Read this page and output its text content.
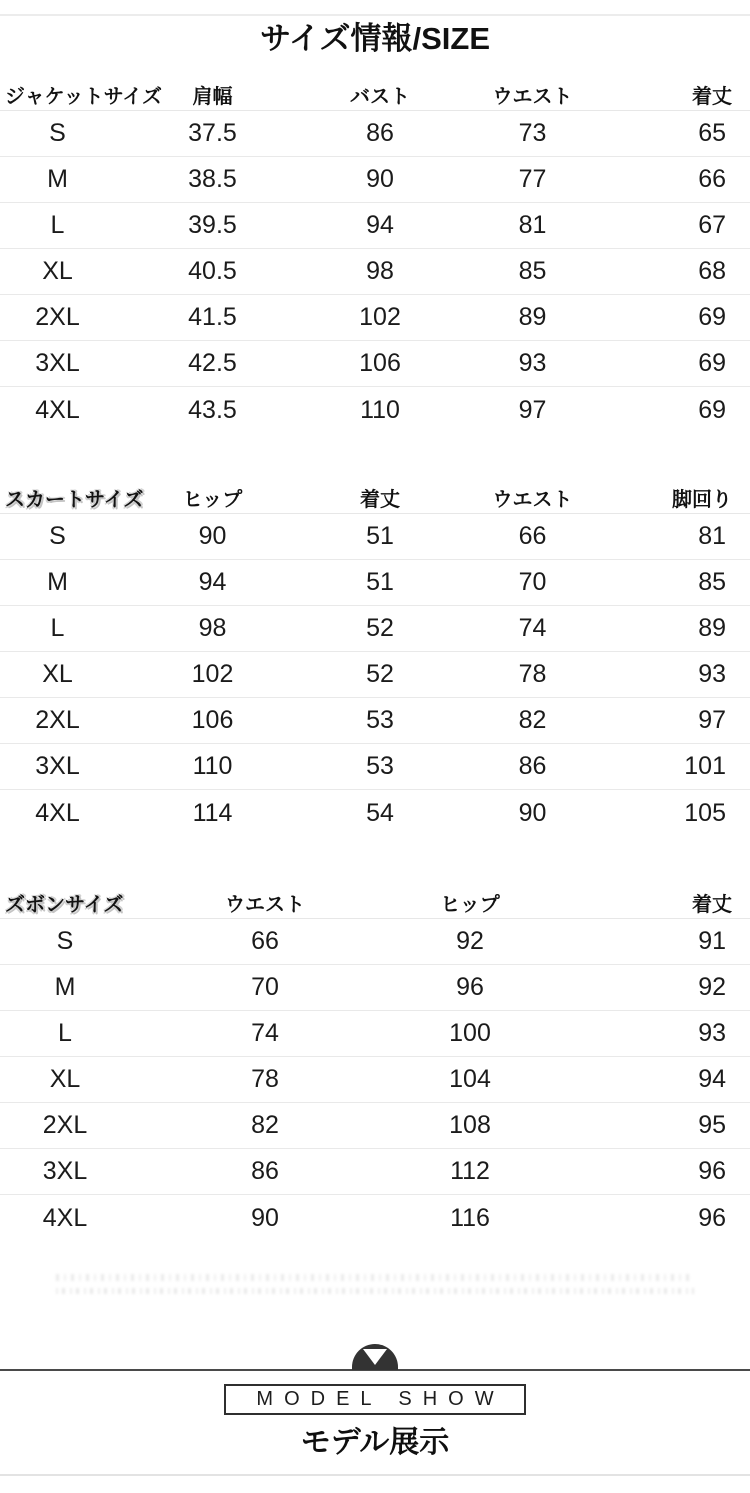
サイズ情報/SIZE
ジャケットサイズ	肩幅	バスト	ウエスト	着丈
S	37.5	86	73	65
M	38.5	90	77	66
L	39.5	94	81	67
XL	40.5	98	85	68
2XL	41.5	102	89	69
3XL	42.5	106	93	69
4XL	43.5	110	97	69
スカートサイズ	ヒップ	着丈	ウエスト	脚回り
S	90	51	66	81
M	94	51	70	85
L	98	52	74	89
XL	102	52	78	93
2XL	106	53	82	97
3XL	110	53	86	101
4XL	114	54	90	105
ズボンサイズ	ウエスト	ヒップ	着丈
S	66	92	91
M	70	96	92
L	74	100	93
XL	78	104	94
2XL	82	108	95
3XL	86	112	96
4XL	90	116	96
MODEL SHOW
モデル展示
